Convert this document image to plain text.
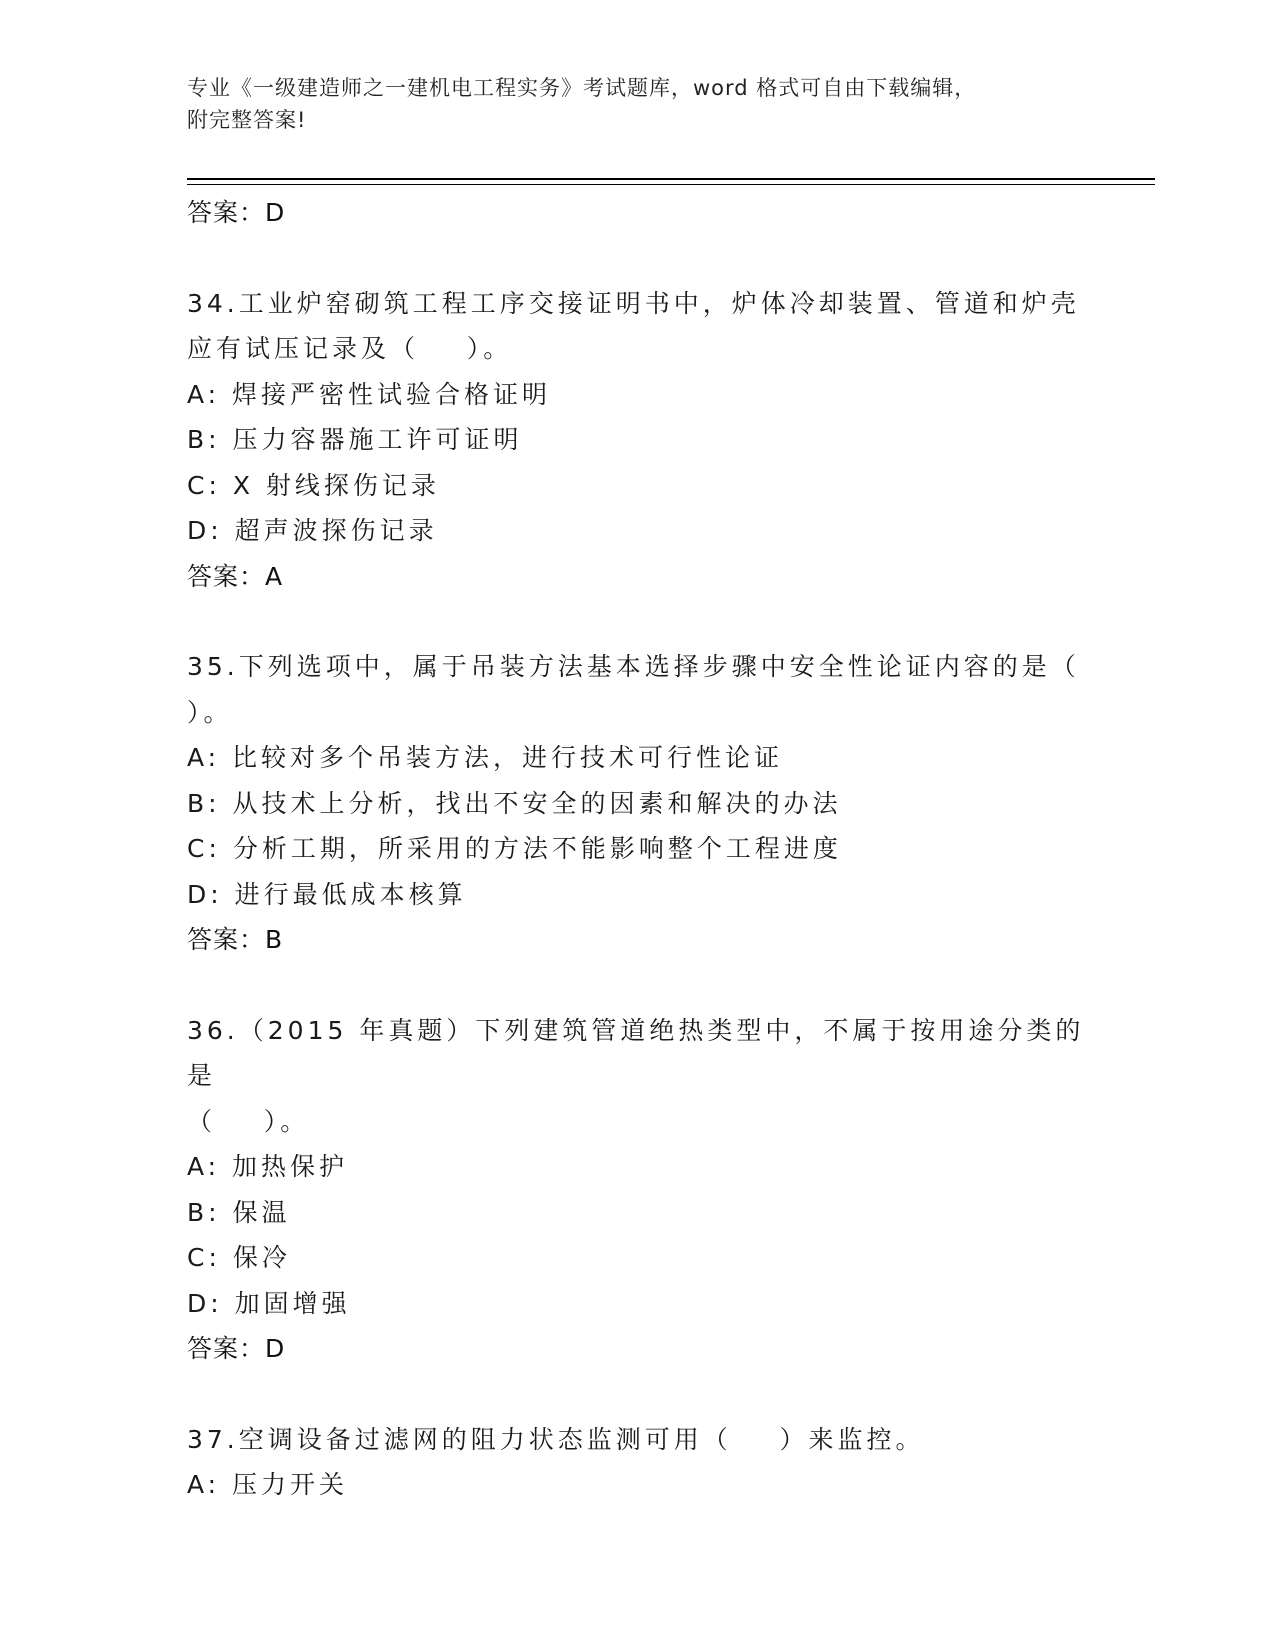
专业《一级建造师之一建机电工程实务》考试题库，word 格式可自由下载编辑，
附完整答案!
答案：D
34.工业炉窑砌筑工程工序交接证明书中，炉体冷却装置、管道和炉壳
应有试压记录及（    ）。
A: 焊接严密性试验合格证明
B: 压力容器施工许可证明
C: X 射线探伤记录
D: 超声波探伤记录
答案：A
35.下列选项中，属于吊装方法基本选择步骤中安全性论证内容的是（
）。
A: 比较对多个吊装方法，进行技术可行性论证
B: 从技术上分析，找出不安全的因素和解决的办法
C: 分析工期，所采用的方法不能影响整个工程进度
D: 进行最低成本核算
答案：B
36.（2015 年真题）下列建筑管道绝热类型中，不属于按用途分类的是
（    ）。
A: 加热保护
B: 保温
C: 保冷
D: 加固增强
答案：D
37.空调设备过滤网的阻力状态监测可用（    ）来监控。
A: 压力开关
